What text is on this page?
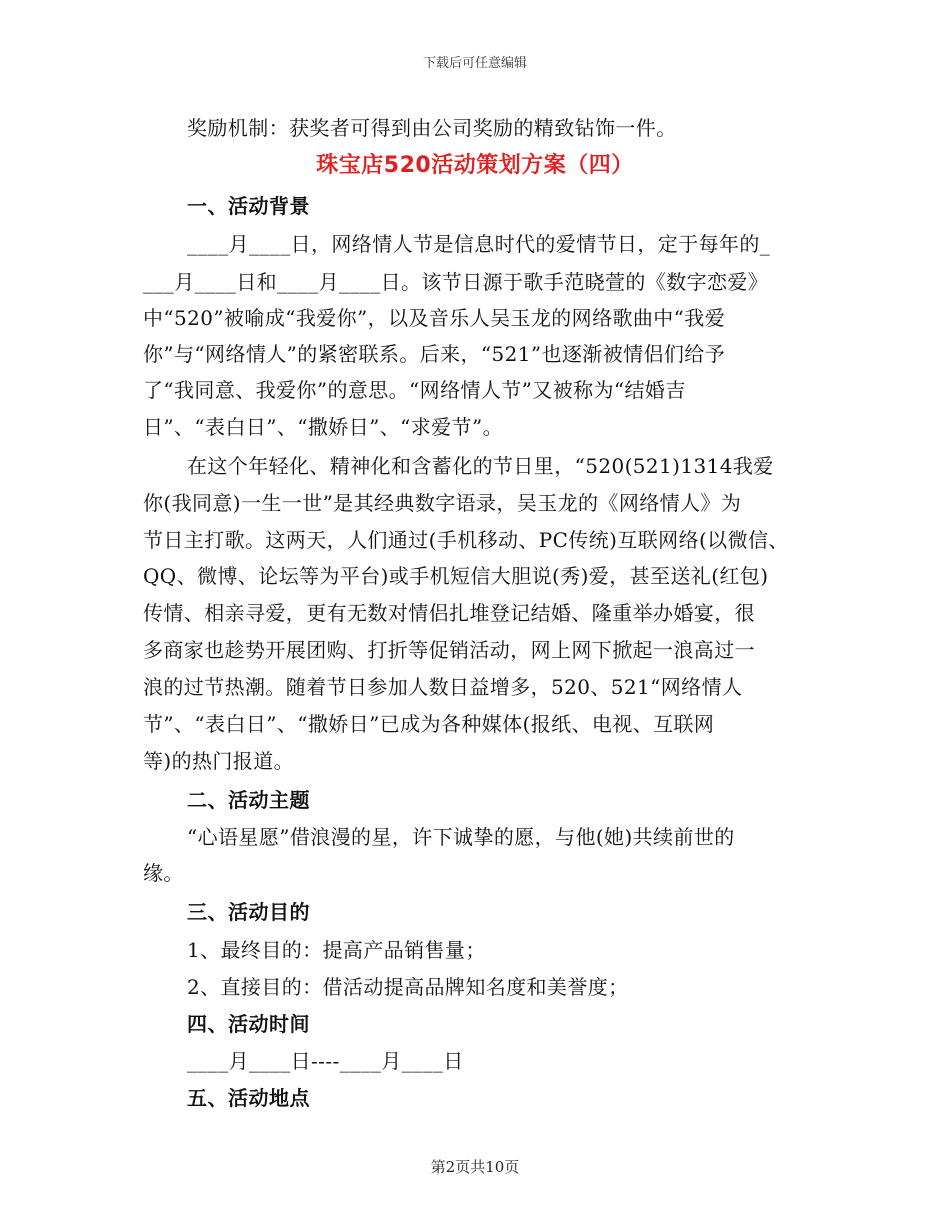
下载后可任意编辑
奖励机制：获奖者可得到由公司奖励的精致钻饰一件。
珠宝店520活动策划方案（四）
一、活动背景
____月____日，网络情人节是信息时代的爱情节日，定于每年的_
___月____日和____月____日。该节日源于歌手范晓萱的《数字恋爱》
中“520”被喻成“我爱你”，以及音乐人吴玉龙的网络歌曲中“我爱
你”与“网络情人”的紧密联系。后来，“521”也逐渐被情侣们给予
了“我同意、我爱你”的意思。“网络情人节”又被称为“结婚吉
日”、“表白日”、“撒娇日”、“求爱节”。
在这个年轻化、精神化和含蓄化的节日里，“520(521)1314我爱
你(我同意)一生一世”是其经典数字语录，吴玉龙的《网络情人》为
节日主打歌。这两天，人们通过(手机移动、PC传统)互联网络(以微信、
QQ、微博、论坛等为平台)或手机短信大胆说(秀)爱，甚至送礼(红包)
传情、相亲寻爱，更有无数对情侣扎堆登记结婚、隆重举办婚宴，很
多商家也趁势开展团购、打折等促销活动，网上网下掀起一浪高过一
浪的过节热潮。随着节日参加人数日益增多，520、521“网络情人
节”、“表白日”、“撒娇日”已成为各种媒体(报纸、电视、互联网
等)的热门报道。
二、活动主题
“心语星愿”借浪漫的星，许下诚挚的愿，与他(她)共续前世的
缘。
三、活动目的
1、最终目的：提高产品销售量；
2、直接目的：借活动提高品牌知名度和美誉度；
四、活动时间
____月____日----____月____日
五、活动地点
第2页共10页
